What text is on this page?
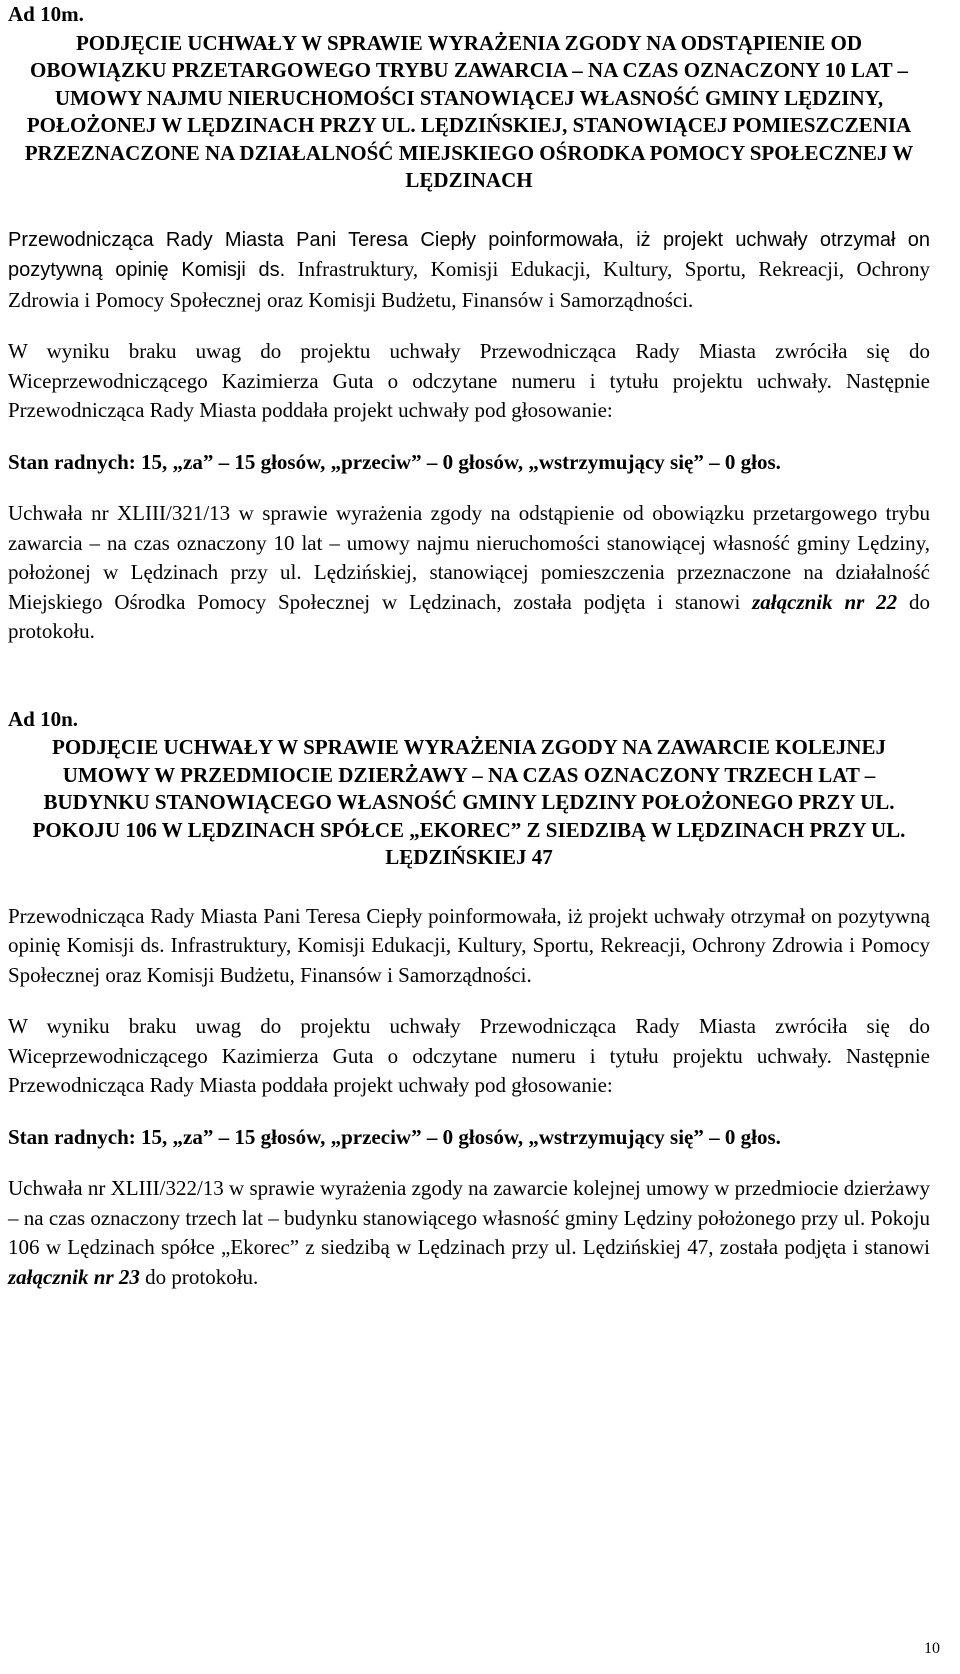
Ad 10m.

PODJĘCIE UCHWAŁY W SPRAWIE WYRAŻENIA ZGODY NA ODSTĄPIENIE OD OBOWIĄZKU PRZETARGOWEGO TRYBU ZAWARCIA – NA CZAS OZNACZONY 10 LAT – UMOWY NAJMU NIERUCHOMOŚCI STANOWIĄCEJ WŁASNOŚĆ GMINY LĘDZINY, POŁOŻONEJ W LĘDZINACH PRZY UL. LĘDZIŃSKIEJ, STANOWIĄCEJ POMIESZCZENIA PRZEZNACZONE NA DZIAŁALNOŚĆ MIEJSKIEGO OŚRODKA POMOCY SPOŁECZNEJ W LĘDZINACH

Przewodnicząca Rady Miasta Pani Teresa Ciepły poinformowała, iż projekt uchwały otrzymał on pozytywną opinię Komisji ds. Infrastruktury, Komisji Edukacji, Kultury, Sportu, Rekreacji, Ochrony Zdrowia i Pomocy Społecznej oraz Komisji Budżetu, Finansów i Samorządności.

W wyniku braku uwag do projektu uchwały Przewodnicząca Rady Miasta zwróciła się do Wiceprzewodniczącego Kazimierza Guta o odczytane numeru i tytułu projektu uchwały. Następnie Przewodnicząca Rady Miasta poddała projekt uchwały pod głosowanie:

Stan radnych: 15, „za” – 15 głosów, „przeciw” – 0 głosów, „wstrzymujący się” – 0 głos.

Uchwała nr XLIII/321/13 w sprawie wyrażenia zgody na odstąpienie od obowiązku przetargowego trybu zawarcia – na czas oznaczony 10 lat – umowy najmu nieruchomości stanowiącej własność gminy Lędziny, położonej w Lędzinach przy ul. Lędzińskiej, stanowiącej pomieszczenia przeznaczone na działalność Miejskiego Ośrodka Pomocy Społecznej w Lędzinach, została podjęta i stanowi załącznik nr 22 do protokołu.

Ad 10n.

PODJĘCIE UCHWAŁY W SPRAWIE WYRAŻENIA ZGODY NA ZAWARCIE KOLEJNEJ UMOWY W PRZEDMIOCIE DZIERŻAWY – NA CZAS OZNACZONY TRZECH LAT – BUDYNKU STANOWIĄCEGO WŁASNOŚĆ GMINY LĘDZINY POŁOŻONEGO PRZY UL. POKOJU 106 W LĘDZINACH SPÓŁCE „EKOREC” Z SIEDZIBĄ W LĘDZINACH PRZY UL. LĘDZIŃSKIEJ 47

Przewodnicząca Rady Miasta Pani Teresa Ciepły poinformowała, iż projekt uchwały otrzymał on pozytywną opinię Komisji ds. Infrastruktury, Komisji Edukacji, Kultury, Sportu, Rekreacji, Ochrony Zdrowia i Pomocy Społecznej oraz Komisji Budżetu, Finansów i Samorządności.

W wyniku braku uwag do projektu uchwały Przewodnicząca Rady Miasta zwróciła się do Wiceprzewodniczącego Kazimierza Guta o odczytane numeru i tytułu projektu uchwały. Następnie Przewodnicząca Rady Miasta poddała projekt uchwały pod głosowanie:

Stan radnych: 15, „za” – 15 głosów, „przeciw” – 0 głosów, „wstrzymujący się” – 0 głos.

Uchwała nr XLIII/322/13 w sprawie wyrażenia zgody na zawarcie kolejnej umowy w przedmiocie dzierżawy – na czas oznaczony trzech lat – budynku stanowiącego własność gminy Lędziny położonego przy ul. Pokoju 106 w Lędzinach spółce „Ekorec” z siedzibą w Lędzinach przy ul. Lędzińskiej 47, została podjęta i stanowi załącznik nr 23 do protokołu.

10
